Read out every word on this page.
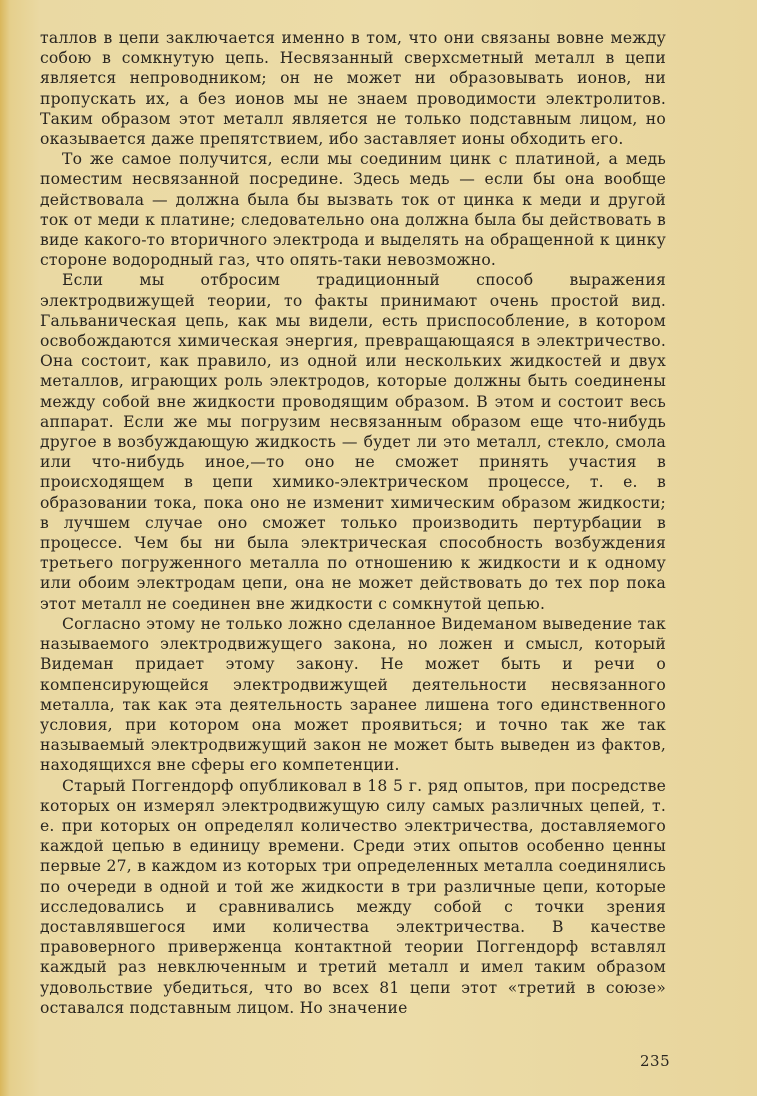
таллов в цепи заключается именно в том, что они связаны вовне между собою в сомкнутую цепь. Несвязанный сверхсметный металл в цепи является непроводником; он не может ни образовывать ионов, ни пропускать их, а без ионов мы не знаем проводимости электролитов. Таким образом этот металл является не только подставным лицом, но оказывается даже препятствием, ибо заставляет ионы обходить его.

То же самое получится, если мы соединим цинк с платиной, а медь поместим несвязанной посредине. Здесь медь — если бы она вообще действовала — должна была бы вызвать ток от цинка к меди и другой ток от меди к платине; следовательно она должна была бы действовать в виде какого-то вторичного электрода и выделять на обращенной к цинку стороне водородный газ, что опять-таки невозможно.

Если мы отбросим традиционный способ выражения электродвижущей теории, то факты принимают очень простой вид. Гальваническая цепь, как мы видели, есть приспособление, в котором освобождаются химическая энергия, превращающаяся в электричество. Она состоит, как правило, из одной или нескольких жидкостей и двух металлов, играющих роль электродов, которые должны быть соединены между собой вне жидкости проводящим образом. В этом и состоит весь аппарат. Если же мы погрузим несвязанным образом еще что-нибудь другое в возбуждающую жидкость — будет ли это металл, стекло, смола или что-нибудь иное,—то оно не сможет принять участия в происходящем в цепи химико-электрическом процессе, т. е. в образовании тока, пока оно не изменит химическим образом жидкости; в лучшем случае оно сможет только производить пертурбации в процессе. Чем бы ни была электрическая способность возбуждения третьего погруженного металла по отношению к жидкости и к одному или обоим электродам цепи, она не может действовать до тех пор пока этот металл не соединен вне жидкости с сомкнутой цепью.

Согласно этому не только ложно сделанное Видеманом выведение так называемого электродвижущего закона, но ложен и смысл, который Видеман придает этому закону. Не может быть и речи о компенсирующейся электродвижущей деятельности несвязанного металла, так как эта деятельность заранее лишена того единственного условия, при котором она может проявиться; и точно так же так называемый электродвижущий закон не может быть выведен из фактов, находящихся вне сферы его компетенции.

Старый Поггендорф опубликовал в 18 5 г. ряд опытов, при посредстве которых он измерял электродвижущую силу самых различных цепей, т. е. при которых он определял количество электричества, доставляемого каждой цепью в единицу времени. Среди этих опытов особенно ценны первые 27, в каждом из которых три определенных металла соединялись по очереди в одной и той же жидкости в три различные цепи, которые исследовались и сравнивались между собой с точки зрения доставлявшегося ими количества электричества. В качестве правоверного приверженца контактной теории Поггендорф вставлял каждый раз невключенным и третий металл и имел таким образом удовольствие убедиться, что во всех 81 цепи этот «третий в союзе» оставался подставным лицом. Но значение

235
